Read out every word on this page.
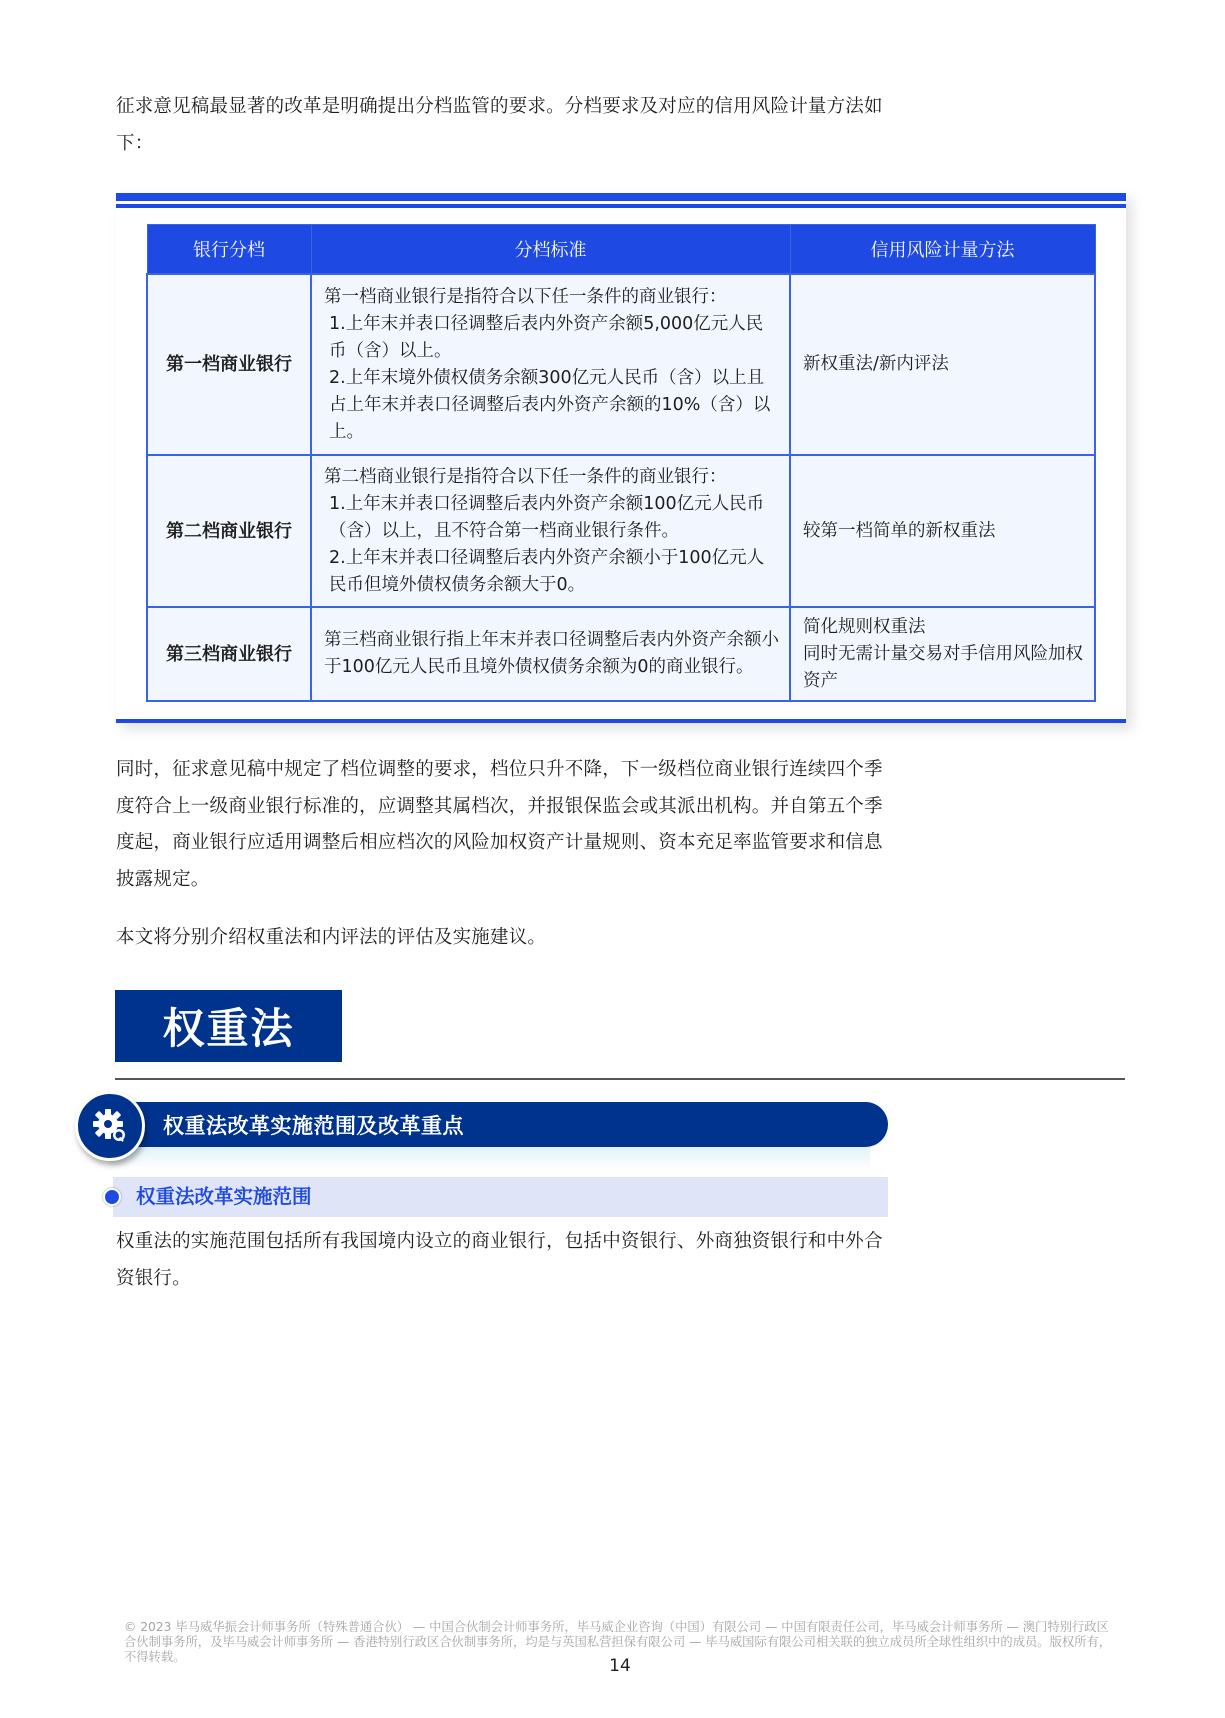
征求意见稿最显著的改革是明确提出分档监管的要求。分档要求及对应的信用风险计量方法如下：

银行分档	分档标准	信用风险计量方法
第一档商业银行	第一档商业银行是指符合以下任一条件的商业银行：
1.上年末并表口径调整后表内外资产余额5,000亿元人民币（含）以上。
2.上年末境外债权债务余额300亿元人民币（含）以上且占上年末并表口径调整后表内外资产余额的10%（含）以上。	新权重法/新内评法

第二档商业银行	第二档商业银行是指符合以下任一条件的商业银行：
1.上年末并表口径调整后表内外资产余额100亿元人民币（含）以上，且不符合第一档商业银行条件。
2.上年末并表口径调整后表内外资产余额小于100亿元人民币但境外债权债务余额大于0。	较第一档简单的新权重法

第三档商业银行	第三档商业银行指上年末并表口径调整后表内外资产余额小于100亿元人民币且境外债权债务余额为0的商业银行。	简化规则权重法
同时无需计量交易对手信用风险加权资产

同时，征求意见稿中规定了档位调整的要求，档位只升不降，下一级档位商业银行连续四个季度符合上一级商业银行标准的，应调整其属档次，并报银保监会或其派出机构。并自第五个季度起，商业银行应适用调整后相应档次的风险加权资产计量规则、资本充足率监管要求和信息披露规定。

本文将分别介绍权重法和内评法的评估及实施建议。

权重法
权重法改革实施范围及改革重点
权重法改革实施范围

权重法的实施范围包括所有我国境内设立的商业银行，包括中资银行、外商独资银行和中外合资银行。

© 2023 毕马威华振会计师事务所（特殊普通合伙） — 中国合伙制会计师事务所，毕马威企业咨询（中国）有限公司 — 中国有限责任公司，毕马威会计师事务所 — 澳门特别行政区合伙制事务所，及毕马威会计师事务所 — 香港特别行政区合伙制事务所，均是与英国私营担保有限公司 — 毕马威国际有限公司相关联的独立成员所全球性组织中的成员。版权所有，不得转载。	14
